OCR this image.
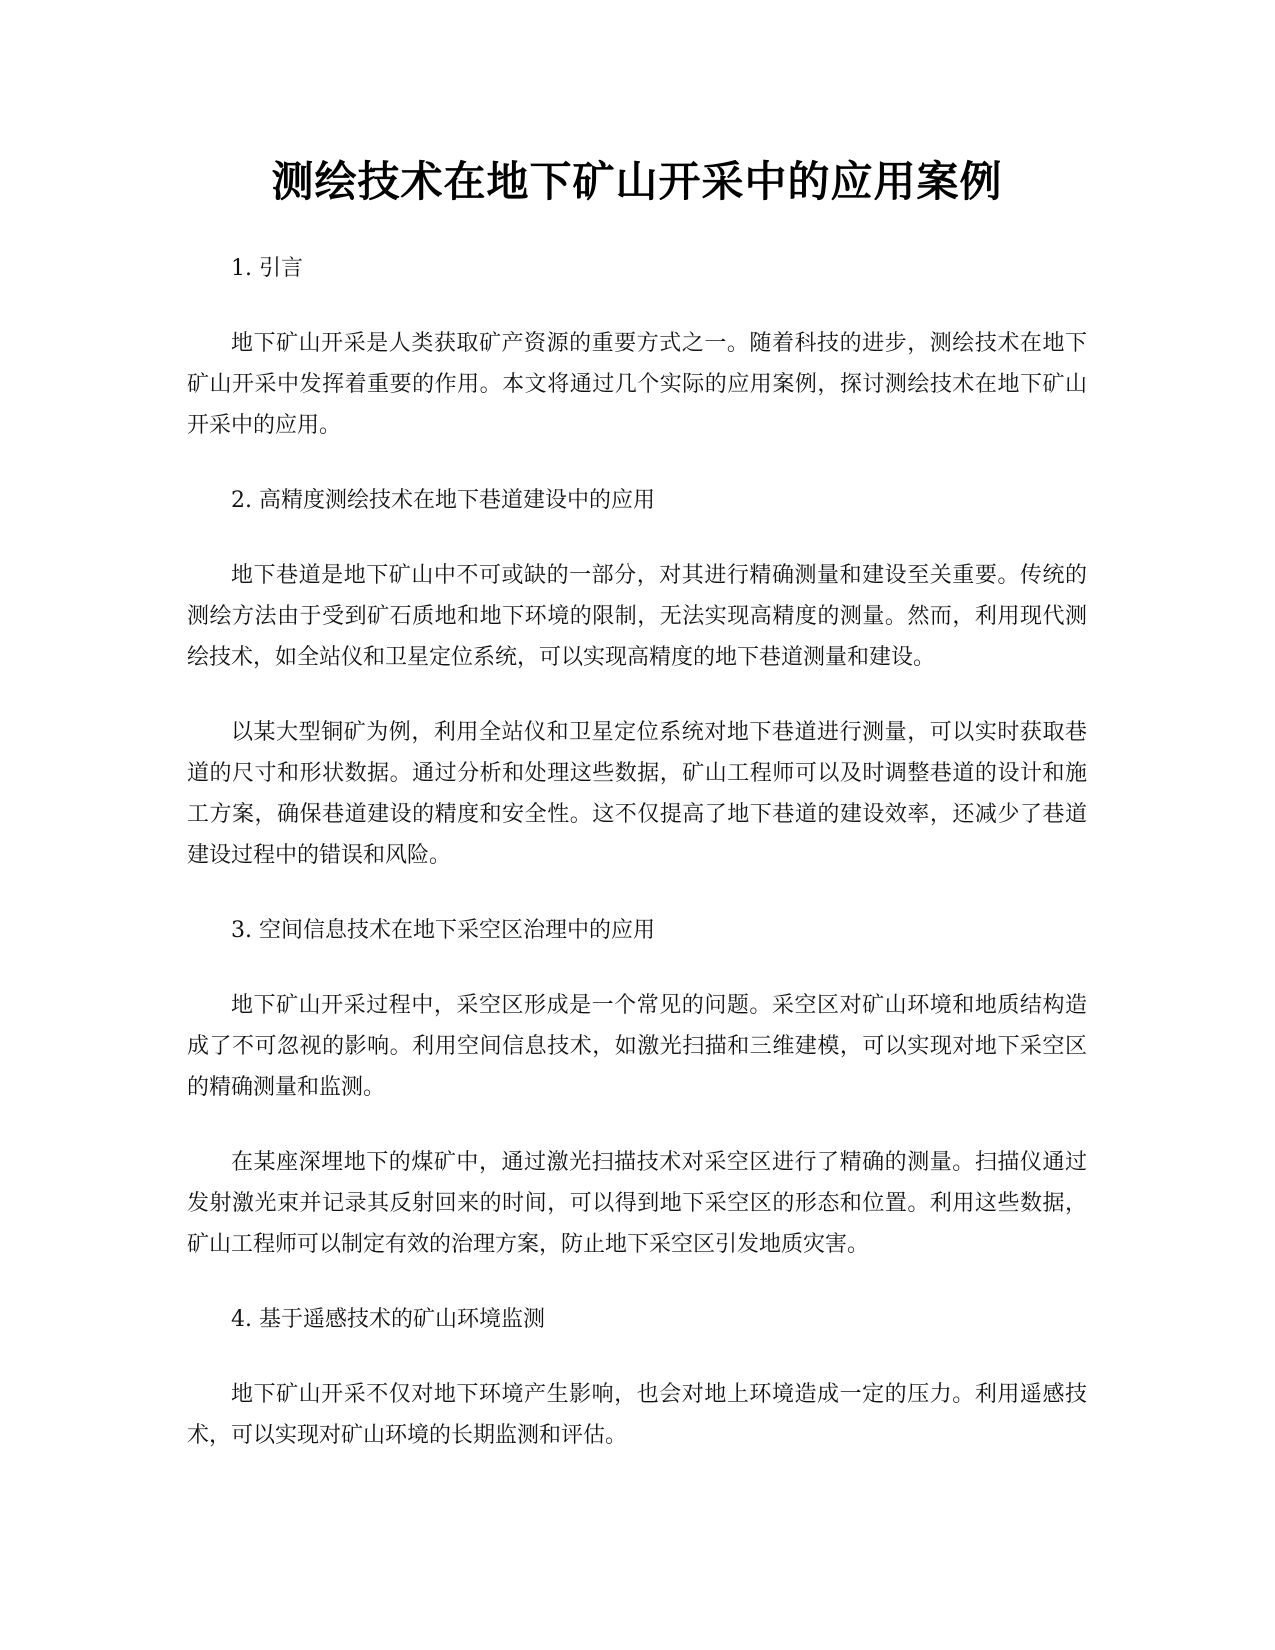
测绘技术在地下矿山开采中的应用案例
1. 引言
地下矿山开采是人类获取矿产资源的重要方式之一。随着科技的进步，测绘技术在地下矿山开采中发挥着重要的作用。本文将通过几个实际的应用案例，探讨测绘技术在地下矿山开采中的应用。
2. 高精度测绘技术在地下巷道建设中的应用
地下巷道是地下矿山中不可或缺的一部分，对其进行精确测量和建设至关重要。传统的测绘方法由于受到矿石质地和地下环境的限制，无法实现高精度的测量。然而，利用现代测绘技术，如全站仪和卫星定位系统，可以实现高精度的地下巷道测量和建设。
以某大型铜矿为例，利用全站仪和卫星定位系统对地下巷道进行测量，可以实时获取巷道的尺寸和形状数据。通过分析和处理这些数据，矿山工程师可以及时调整巷道的设计和施工方案，确保巷道建设的精度和安全性。这不仅提高了地下巷道的建设效率，还减少了巷道建设过程中的错误和风险。
3. 空间信息技术在地下采空区治理中的应用
地下矿山开采过程中，采空区形成是一个常见的问题。采空区对矿山环境和地质结构造成了不可忽视的影响。利用空间信息技术，如激光扫描和三维建模，可以实现对地下采空区的精确测量和监测。
在某座深埋地下的煤矿中，通过激光扫描技术对采空区进行了精确的测量。扫描仪通过发射激光束并记录其反射回来的时间，可以得到地下采空区的形态和位置。利用这些数据，矿山工程师可以制定有效的治理方案，防止地下采空区引发地质灾害。
4. 基于遥感技术的矿山环境监测
地下矿山开采不仅对地下环境产生影响，也会对地上环境造成一定的压力。利用遥感技术，可以实现对矿山环境的长期监测和评估。
